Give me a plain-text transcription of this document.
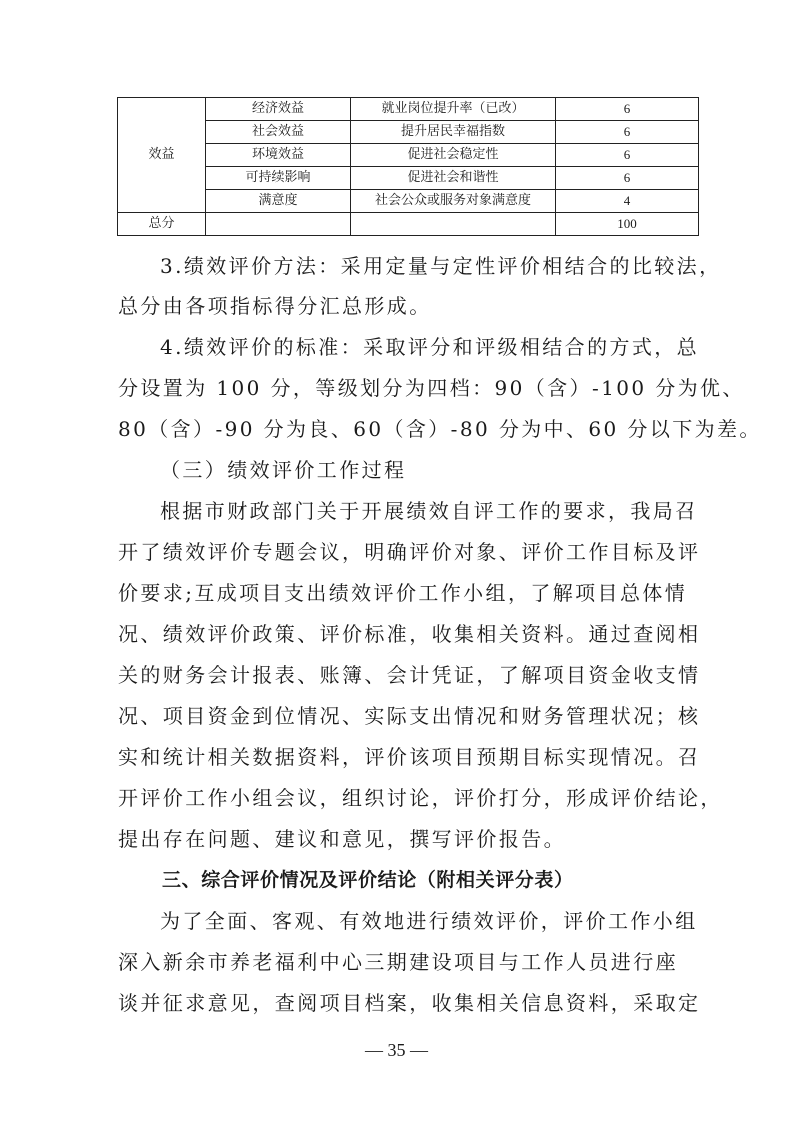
效益	经济效益	就业岗位提升率（已改）	6
	社会效益	提升居民幸福指数	6
	环境效益	促进社会稳定性	6
	可持续影响	促进社会和谐性	6
	满意度	社会公众或服务对象满意度	4
总分			100
3.绩效评价方法：采用定量与定性评价相结合的比较法，
总分由各项指标得分汇总形成。
4.绩效评价的标准：采取评分和评级相结合的方式，总
分设置为 100 分，等级划分为四档：90（含）-100 分为优、
80（含）-90 分为良、60（含）-80 分为中、60 分以下为差。
（三）绩效评价工作过程
根据市财政部门关于开展绩效自评工作的要求，我局召
开了绩效评价专题会议，明确评价对象、评价工作目标及评
价要求;互成项目支出绩效评价工作小组，了解项目总体情
况、绩效评价政策、评价标准，收集相关资料。通过查阅相
关的财务会计报表、账簿、会计凭证，了解项目资金收支情
况、项目资金到位情况、实际支出情况和财务管理状况；核
实和统计相关数据资料，评价该项目预期目标实现情况。召
开评价工作小组会议，组织讨论，评价打分，形成评价结论，
提出存在问题、建议和意见，撰写评价报告。
三、综合评价情况及评价结论（附相关评分表）
为了全面、客观、有效地进行绩效评价，评价工作小组
深入新余市养老福利中心三期建设项目与工作人员进行座
谈并征求意见，查阅项目档案，收集相关信息资料，采取定
— 35 —
